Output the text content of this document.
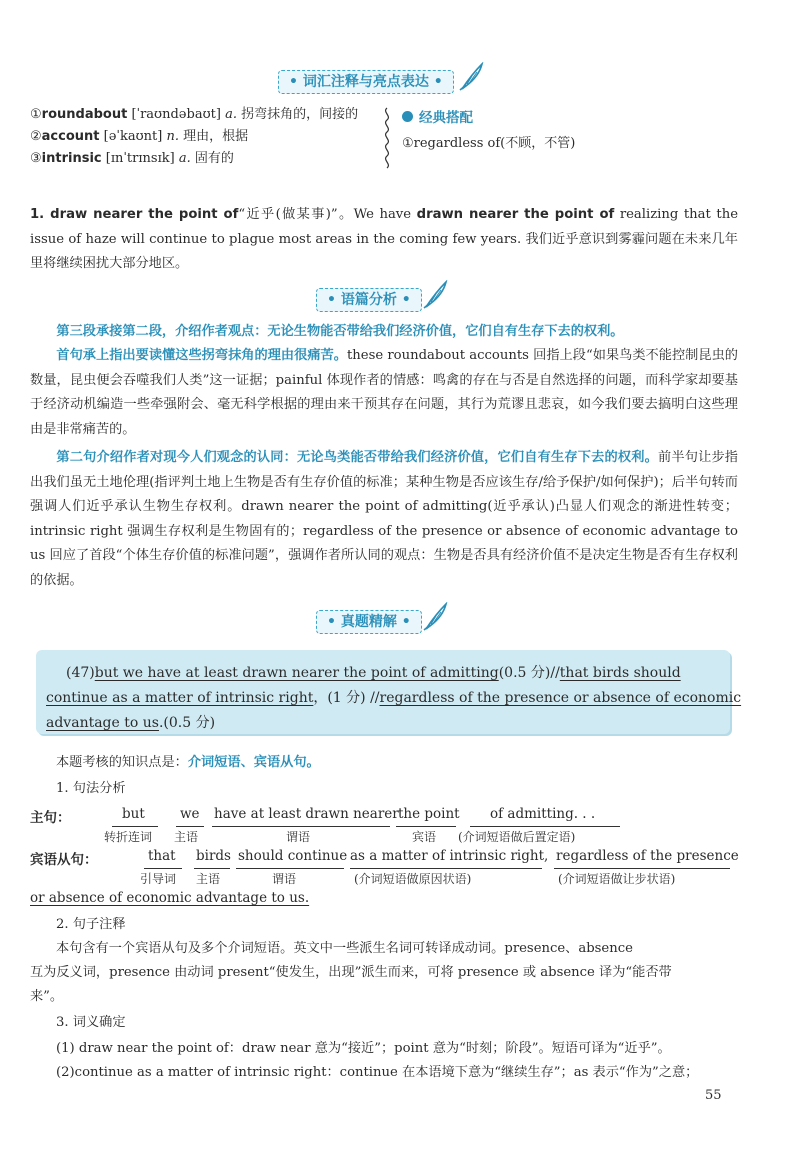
• 词汇注释与亮点表达 •
①roundabout [ˈraʊndəbaʊt] a. 拐弯抹角的，间接的
②account [əˈkaʊnt] n. 理由，根据
③intrinsic [ɪnˈtrɪnsɪk] a. 固有的
经典搭配
①regardless of(不顾，不管)
1. draw nearer the point of“近乎(做某事)”。We have drawn nearer the point of realizing that the issue of haze will continue to plague most areas in the coming few years. 我们近乎意识到雾霾问题在未来几年里将继续困扰大部分地区。
• 语篇分析 •
第三段承接第二段，介绍作者观点：无论生物能否带给我们经济价值，它们自有生存下去的权利。
首句承上指出要读懂这些拐弯抹角的理由很痛苦。these roundabout accounts 回指上段“如果鸟类不能控制昆虫的数量，昆虫便会吞噬我们人类”这一证据；painful 体现作者的情感：鸣禽的存在与否是自然选择的问题，而科学家却要基于经济动机编造一些牵强附会、毫无科学根据的理由来干预其存在问题，其行为荒谬且悲哀，如今我们要去搞明白这些理由是非常痛苦的。
第二句介绍作者对现今人们观念的认同：无论鸟类能否带给我们经济价值，它们自有生存下去的权利。前半句让步指出我们虽无土地伦理(指评判土地上生物是否有生存价值的标准；某种生物是否应该生存/给予保护/如何保护)；后半句转而强调人们近乎承认生物生存权利。drawn nearer the point of admitting(近乎承认)凸显人们观念的渐进性转变；intrinsic right 强调生存权利是生物固有的；regardless of the presence or absence of economic advantage to us 回应了首段“个体生存价值的标准问题”，强调作者所认同的观点：生物是否具有经济价值不是决定生物是否有生存权利的依据。
• 真题精解 •
(47)but we have at least drawn nearer the point of admitting(0.5 分)//that birds should
continue as a matter of intrinsic right，(1 分) //regardless of the presence or absence of economic
advantage to us.(0.5 分)
本题考核的知识点是：介词短语、宾语从句。
1. 句法分析
主句：	but
转折连词
we
主语
have at least drawn nearer
谓语
the point
宾语
of admitting. . .
(介词短语做后置定语)
宾语从句：	that
引导词
birds
主语
should continue
谓语
as a matter of intrinsic right,
(介词短语做原因状语)
regardless of the presence
(介词短语做让步状语)
or absence of economic advantage to us.
2. 句子注释
本句含有一个宾语从句及多个介词短语。英文中一些派生名词可转译成动词。presence、absence
互为反义词，presence 由动词 present“使发生，出现”派生而来，可将 presence 或 absence 译为“能否带
来”。
3. 词义确定
(1) draw near the point of：draw near 意为“接近”；point 意为“时刻；阶段”。短语可译为“近乎”。
(2)continue as a matter of intrinsic right：continue 在本语境下意为“继续生存”；as 表示“作为”之意；
55
